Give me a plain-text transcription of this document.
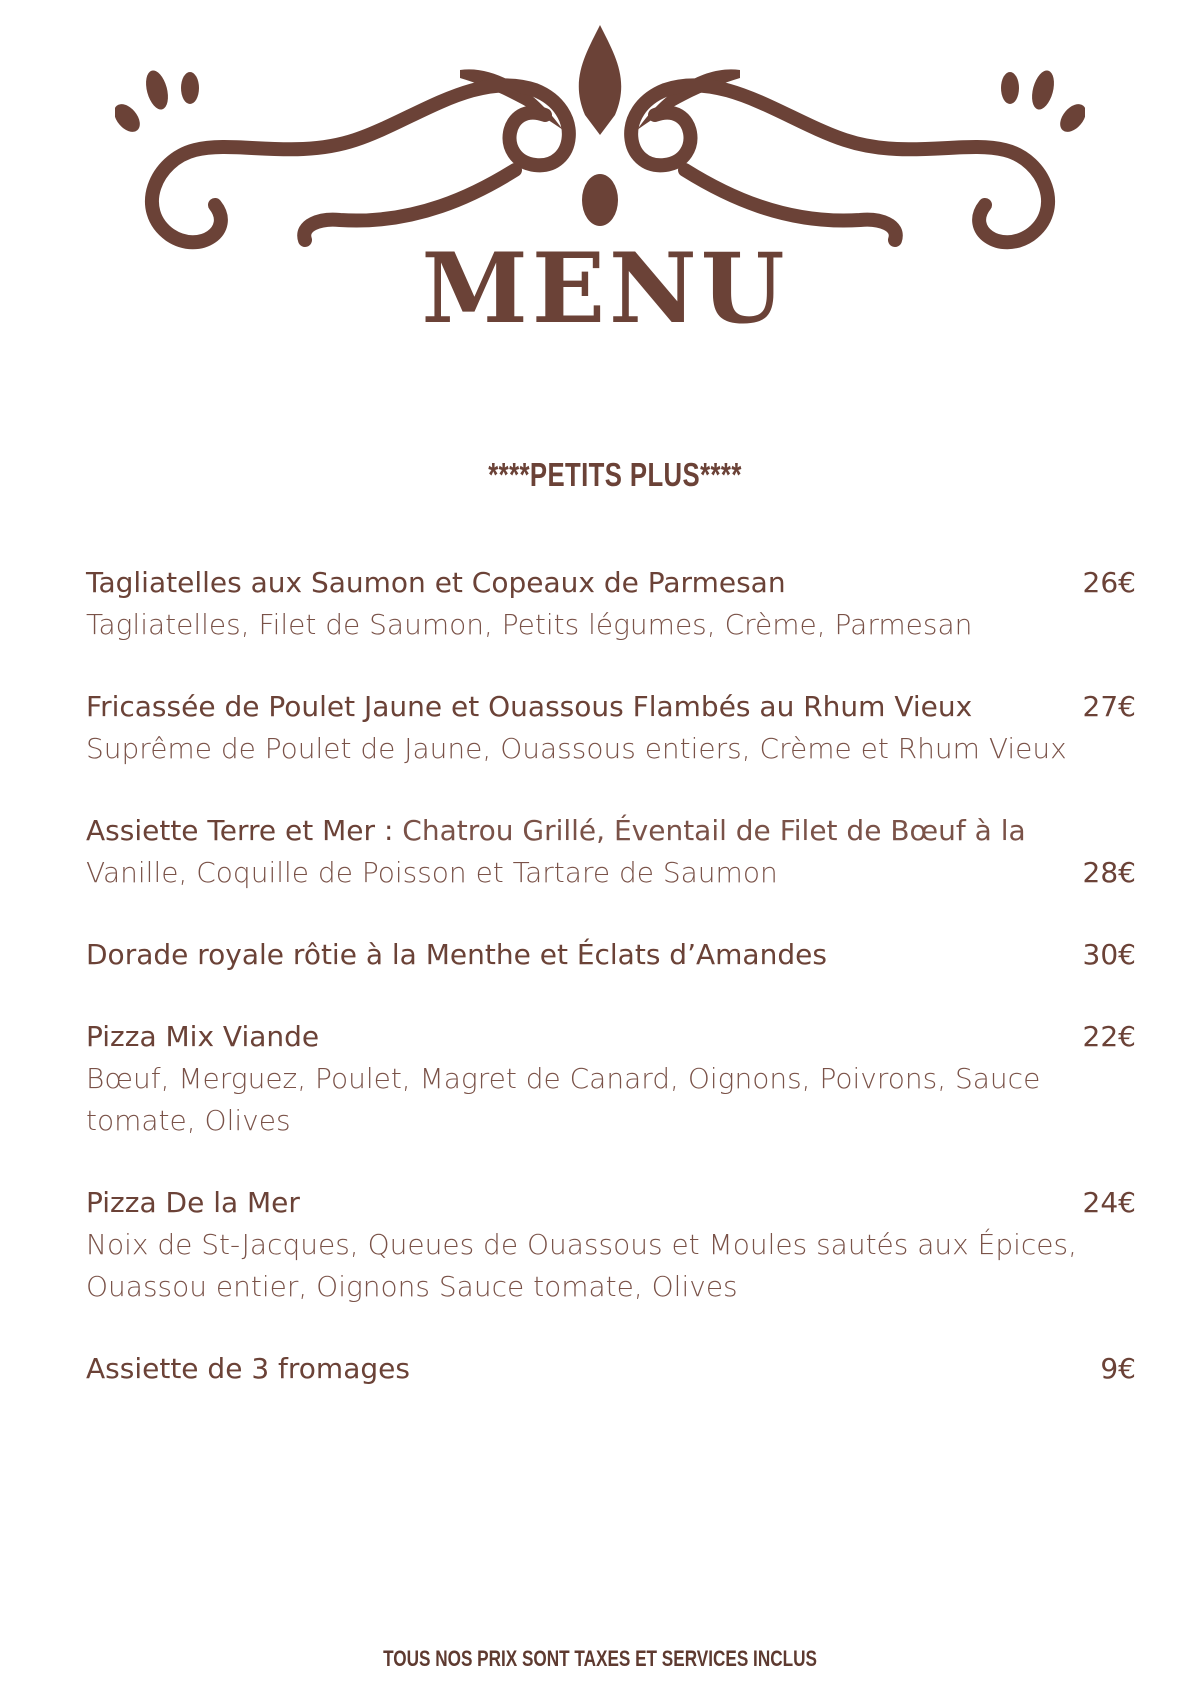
MENU
****PETITS PLUS****
Tagliatelles aux Saumon et Copeaux de Parmesan	26€
Tagliatelles, Filet de Saumon, Petits légumes, Crème, Parmesan
Fricassée de Poulet Jaune et Ouassous Flambés au Rhum Vieux	27€
Suprême de Poulet de Jaune, Ouassous entiers, Crème et Rhum Vieux
Assiette Terre et Mer : Chatrou Grillé, Éventail de Filet de Bœuf à la
Vanille, Coquille de Poisson et Tartare de Saumon	28€
Dorade royale rôtie à la Menthe et Éclats d’Amandes	30€
Pizza Mix Viande	22€
Bœuf, Merguez, Poulet, Magret de Canard, Oignons, Poivrons, Sauce tomate, Olives
Pizza De la Mer	24€
Noix de St-Jacques, Queues de Ouassous et Moules sautés aux Épices, Ouassou entier, Oignons Sauce tomate, Olives
Assiette de 3 fromages	9€

TOUS NOS PRIX SONT TAXES ET SERVICES INCLUS
